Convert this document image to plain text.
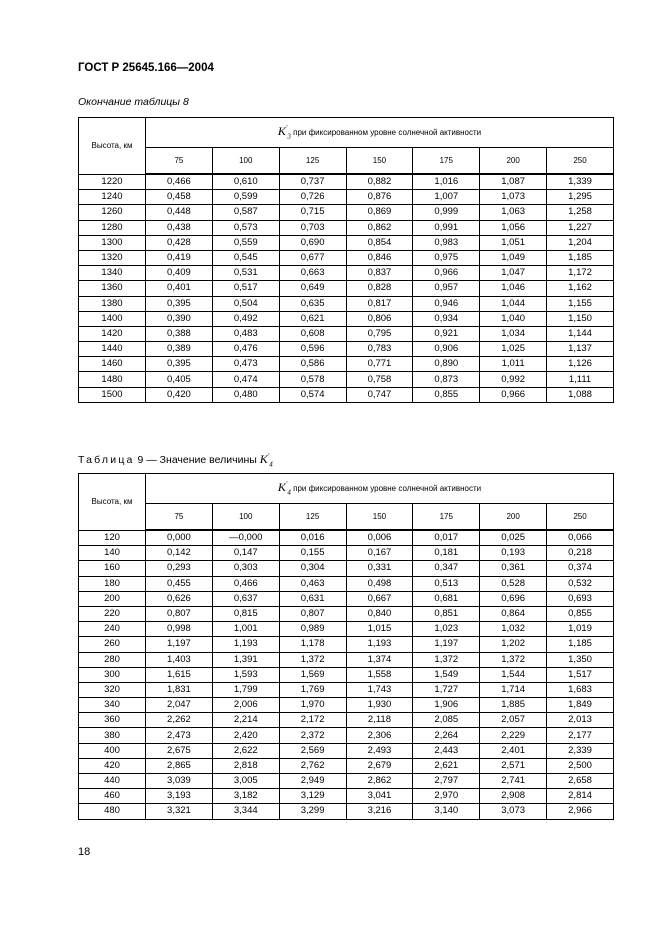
ГОСТ Р 25645.166—2004
Окончание таблицы 8
Высота, км	$K'_3$ при фиксированном уровне солнечной активности						
	75	100	125	150	175	200	250
1220	0,466	0,610	0,737	0,882	1,016	1,087	1,339
1240	0,458	0,599	0,726	0,876	1,007	1,073	1,295
1260	0,448	0,587	0,715	0,869	0,999	1,063	1,258
1280	0,438	0,573	0,703	0,862	0,991	1,056	1,227
1300	0,428	0,559	0,690	0,854	0,983	1,051	1,204
1320	0,419	0,545	0,677	0,846	0,975	1,049	1,185
1340	0,409	0,531	0,663	0,837	0,966	1,047	1,172
1360	0,401	0,517	0,649	0,828	0,957	1,046	1,162
1380	0,395	0,504	0,635	0,817	0,946	1,044	1,155
1400	0,390	0,492	0,621	0,806	0,934	1,040	1,150
1420	0,388	0,483	0,608	0,795	0,921	1,034	1,144
1440	0,389	0,476	0,596	0,783	0,906	1,025	1,137
1460	0,395	0,473	0,586	0,771	0,890	1,011	1,126
1480	0,405	0,474	0,578	0,758	0,873	0,992	1,111
1500	0,420	0,480	0,574	0,747	0,855	0,966	1,088
Таблица 9 — Значение величины $K'_4$
Высота, км	$K'_4$ при фиксированном уровне солнечной активности						
	75	100	125	150	175	200	250
120	0,000	—0,000	0,016	0,006	0,017	0,025	0,066
140	0,142	0,147	0,155	0,167	0,181	0,193	0,218
160	0,293	0,303	0,304	0,331	0,347	0,361	0,374
180	0,455	0,466	0,463	0,498	0,513	0,528	0,532
200	0,626	0,637	0,631	0,667	0,681	0,696	0,693
220	0,807	0,815	0,807	0,840	0,851	0,864	0,855
240	0,998	1,001	0,989	1,015	1,023	1,032	1,019
260	1,197	1,193	1,178	1,193	1,197	1,202	1,185
280	1,403	1,391	1,372	1,374	1,372	1,372	1,350
300	1,615	1,593	1,569	1,558	1,549	1,544	1,517
320	1,831	1,799	1,769	1,743	1,727	1,714	1,683
340	2,047	2,006	1,970	1,930	1,906	1,885	1,849
360	2,262	2,214	2,172	2,118	2,085	2,057	2,013
380	2,473	2,420	2,372	2,306	2,264	2,229	2,177
400	2,675	2,622	2,569	2,493	2,443	2,401	2,339
420	2,865	2,818	2,762	2,679	2,621	2,571	2,500
440	3,039	3,005	2,949	2,862	2,797	2,741	2,658
460	3,193	3,182	3,129	3,041	2,970	2,908	2,814
480	3,321	3,344	3,299	3,216	3,140	3,073	2,966
18
